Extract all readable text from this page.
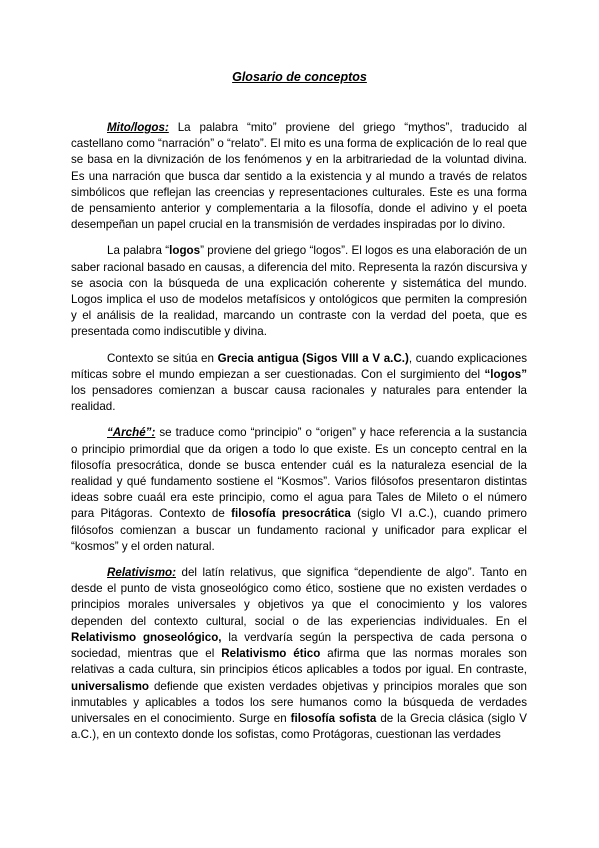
Glosario de conceptos

Mito/logos: La palabra “mito” proviene del griego “mythos”, traducido al castellano como “narración” o “relato”. El mito es una forma de explicación de lo real que se basa en la divnización de los fenómenos y en la arbitrariedad de la voluntad divina. Es una narración que busca dar sentido a la existencia y al mundo a través de relatos simbólicos que reflejan las creencias y representaciones culturales. Este es una forma de pensamiento anterior y complementaria a la filosofía, donde el adivino y el poeta desempeñan un papel crucial en la transmisión de verdades inspiradas por lo divino.

La palabra “logos” proviene del griego “logos”. El logos es una elaboración de un saber racional basado en causas, a diferencia del mito. Representa la razón discursiva y se asocia con la búsqueda de una explicación coherente y sistemática del mundo. Logos implica el uso de modelos metafísicos y ontológicos que permiten la compresión y el análisis de la realidad, marcando un contraste con la verdad del poeta, que es presentada como indiscutible y divina.

Contexto se sitúa en Grecia antigua (Sigos VIII a V a.C.), cuando explicaciones míticas sobre el mundo empiezan a ser cuestionadas. Con el surgimiento del “logos” los pensadores comienzan a buscar causa racionales y naturales para entender la realidad.

“Arché”: se traduce como “principio” o “origen” y hace referencia a la sustancia o principio primordial que da origen a todo lo que existe. Es un concepto central en la filosofía presocrática, donde se busca entender cuál es la naturaleza esencial de la realidad y qué fundamento sostiene el “Kosmos”. Varios filósofos presentaron distintas ideas sobre cuaál era este principio, como el agua para Tales de Mileto o el número para Pitágoras. Contexto de filosofía presocrática (siglo VI a.C.), cuando primero filósofos comienzan a buscar un fundamento racional y unificador para explicar el “kosmos” y el orden natural.

Relativismo: del latín relativus, que significa “dependiente de algo”. Tanto en desde el punto de vista gnoseológico como ético, sostiene que no existen verdades o principios morales universales y objetivos ya que el conocimiento y los valores dependen del contexto cultural, social o de las experiencias individuales. En el Relativismo gnoseológico, la verdvaría según la perspectiva de cada persona o sociedad, mientras que el Relativismo ético afirma que las normas morales son relativas a cada cultura, sin principios éticos aplicables a todos por igual. En contraste, universalismo defiende que existen verdades objetivas y principios morales que son inmutables y aplicables a todos los sere humanos como la búsqueda de verdades universales en el conocimiento. Surge en filosofía sofista de la Grecia clásica (siglo V a.C.), en un contexto donde los sofistas, como Protágoras, cuestionan las verdades
